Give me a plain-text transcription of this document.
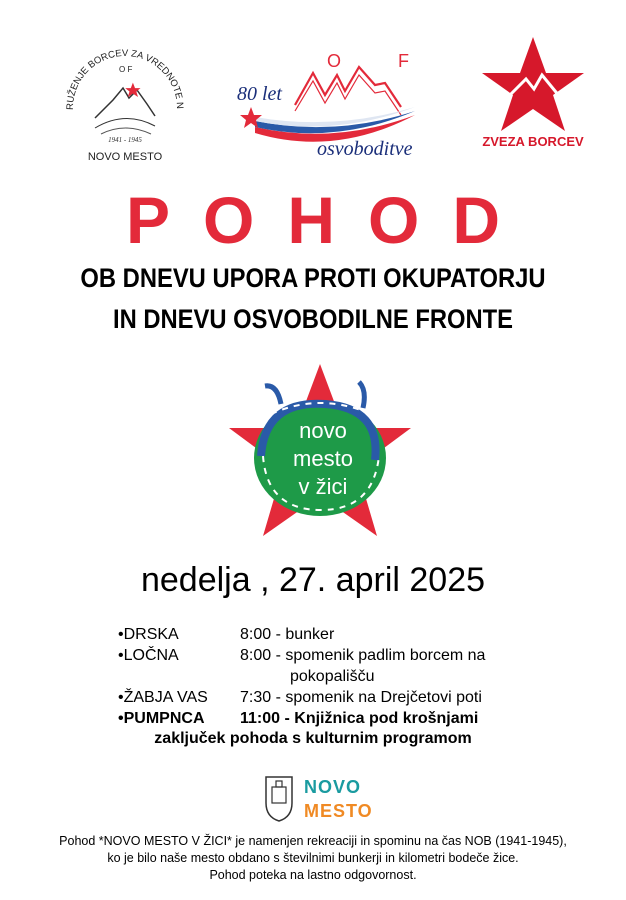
RUŽENJE BORCEV ZA VREDNOTE N
O F
1941 - 1945
NOVO MESTO
80 let
O F
osvoboditve	ZVEZA BORCEV
POHOD
OB DNEVU UPORA PROTI OKUPATORJU
IN DNEVU OSVOBODILNE FRONTE
novo
mesto
v žici
nedelja , 27. april 2025
•DRSKA	8:00 - bunker
•LOČNA	8:00 - spomenik padlim borcem na
pokopališču
•ŽABJA VAS 7:30 - spomenik na Drejčetovi poti
•PUMPNCA 11:00 - Knjižnica pod krošnjami
zaključek pohoda s kulturnim programom
NOVO
MESTO
Pohod *NOVO MESTO V ŽICI* je namenjen rekreaciji in spominu na čas NOB (1941-1945),
ko je bilo naše mesto obdano s številnimi bunkerji in kilometri bodeče žice.
Pohod poteka na lastno odgovornost.
